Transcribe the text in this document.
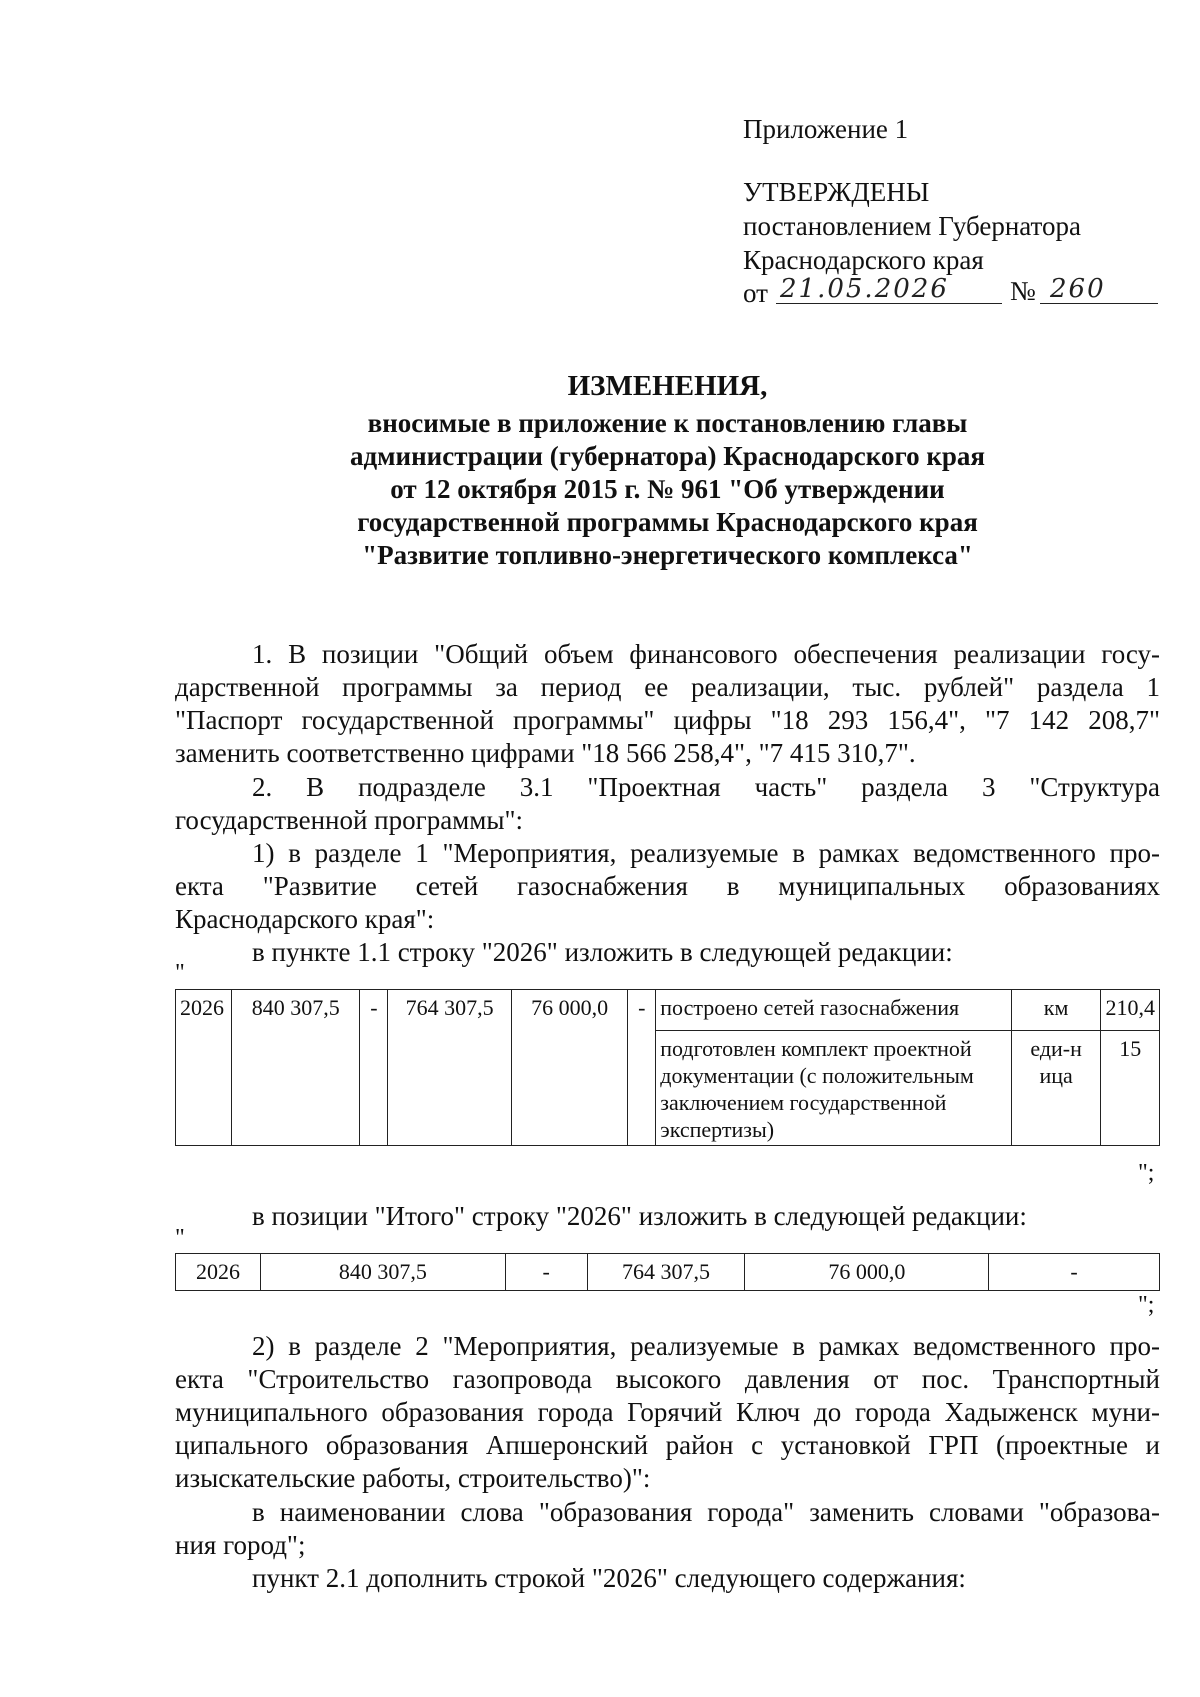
Приложение 1
УТВЕРЖДЕНЫ
постановлением Губернатора
Краснодарского края
от 21.05.2026 № 260
ИЗМЕНЕНИЯ,
вносимые в приложение к постановлению главы
администрации (губернатора) Краснодарского края
от 12 октября 2015 г. № 961 "Об утверждении
государственной программы Краснодарского края
"Развитие топливно-энергетического комплекса"
1. В позиции "Общий объем финансового обеспечения реализации госу-
дарственной программы за период ее реализации, тыс. рублей" раздела 1
"Паспорт государственной программы" цифры "18 293 156,4", "7 142 208,7"
заменить соответственно цифрами "18 566 258,4", "7 415 310,7".
2. В подразделе 3.1 "Проектная часть" раздела 3 "Структура
государственной программы":
1) в разделе 1 "Мероприятия, реализуемые в рамках ведомственного про-
екта "Развитие сетей газоснабжения в муниципальных образованиях
Краснодарского края":
в пункте 1.1 строку "2026" изложить в следующей редакции:
"
2026	840 307,5	-	764 307,5	76 000,0	-	построено сетей газоснабжения	км	210,4
						подготовлен комплект проектной документации (с положительным заключением государственной экспертизы)	еди-ница	15
";
в позиции "Итого" строку "2026" изложить в следующей редакции:
"
2026	840 307,5	-	764 307,5	76 000,0	-
";
2) в разделе 2 "Мероприятия, реализуемые в рамках ведомственного про-
екта "Строительство газопровода высокого давления от пос. Транспортный
муниципального образования города Горячий Ключ до города Хадыженск муни-
ципального образования Апшеронский район с установкой ГРП (проектные и
изыскательские работы, строительство)":
в наименовании слова "образования города" заменить словами "образова-
ния город";
пункт 2.1 дополнить строкой "2026" следующего содержания:
